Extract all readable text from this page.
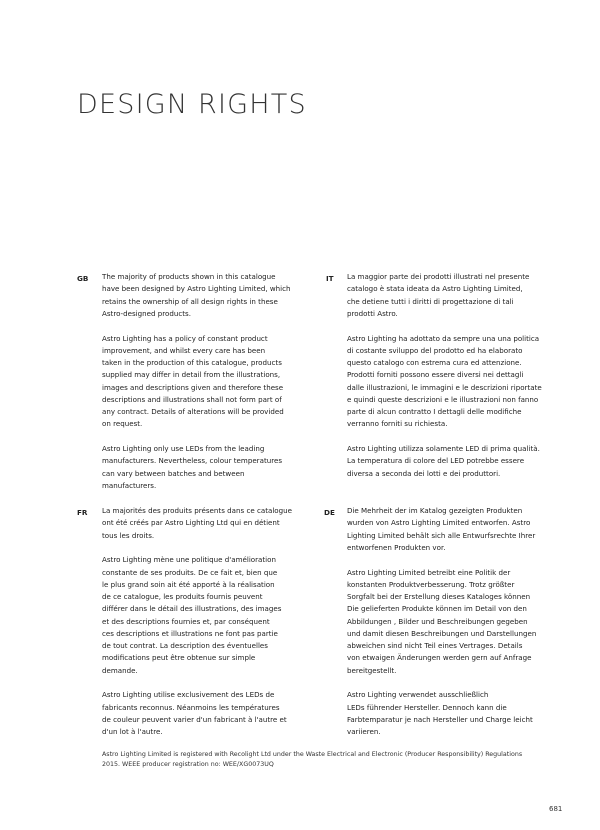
DESIGN RIGHTS
GB The majority of products shown in this catalogue
have been designed by Astro Lighting Limited, which
retains the ownership of all design rights in these
Astro-designed products.

Astro Lighting has a policy of constant product
improvement, and whilst every care has been
taken in the production of this catalogue, products
supplied may differ in detail from the illustrations,
images and descriptions given and therefore these
descriptions and illustrations shall not form part of
any contract. Details of alterations will be provided
on request.

Astro Lighting only use LEDs from the leading
manufacturers. Nevertheless, colour temperatures
can vary between batches and between
manufacturers.

IT La maggior parte dei prodotti illustrati nel presente
catalogo è stata ideata da Astro Lighting Limited,
che detiene tutti i diritti di progettazione di tali
prodotti Astro.

Astro Lighting ha adottato da sempre una una politica
di costante sviluppo del prodotto ed ha elaborato
questo catalogo con estrema cura ed attenzione.
Prodotti forniti possono essere diversi nei dettagli
dalle illustrazioni, le immagini e le descrizioni riportate
e quindi queste descrizioni e le illustrazioni non fanno
parte di alcun contratto I dettagli delle modifiche
verranno forniti su richiesta.

Astro Lighting utilizza solamente LED di prima qualità.
La temperatura di colore del LED potrebbe essere
diversa a seconda dei lotti e dei produttori.

FR La majorités des produits présents dans ce catalogue
ont été créés par Astro Lighting Ltd qui en détient
tous les droits.

Astro Lighting mène une politique d'amélioration
constante de ses produits. De ce fait et, bien que
le plus grand soin ait été apporté à la réalisation
de ce catalogue, les produits fournis peuvent
différer dans le détail des illustrations, des images
et des descriptions fournies et, par conséquent
ces descriptions et illustrations ne font pas partie
de tout contrat. La description des éventuelles
modifications peut être obtenue sur simple
demande.

Astro Lighting utilise exclusivement des LEDs de
fabricants reconnus. Néanmoins les températures
de couleur peuvent varier d'un fabricant à l'autre et
d'un lot à l'autre.

DE Die Mehrheit der im Katalog gezeigten Produkten
wurden von Astro Lighting Limited entworfen. Astro
Lighting Limited behält sich alle Entwurfsrechte Ihrer
entworfenen Produkten vor.

Astro Lighting Limited betreibt eine Politik der
konstanten Produktverbesserung. Trotz größter
Sorgfalt bei der Erstellung dieses Kataloges können
Die gelieferten Produkte können im Detail von den
Abbildungen , Bilder und Beschreibungen gegeben
und damit diesen Beschreibungen und Darstellungen
abweichen sind nicht Teil eines Vertrages. Details
von etwaigen Änderungen werden gern auf Anfrage
bereitgestellt.

Astro Lighting verwendet ausschließlich
LEDs führender Hersteller. Dennoch kann die
Farbtemparatur je nach Hersteller und Charge leicht
variieren.

Astro Lighting Limited is registered with Recolight Ltd under the Waste Electrical and Electronic (Producer Responsibility) Regulations
2015. WEEE producer registration no: WEE/XG0073UQ

681
